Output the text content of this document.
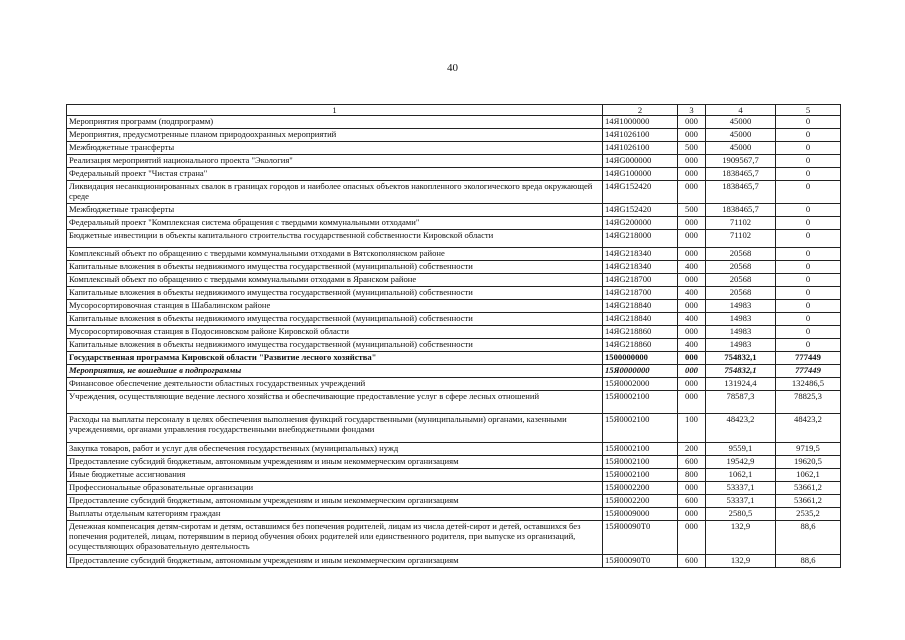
40
1	2	3	4	5
Мероприятия программ (подпрограмм)	14Я1000000	000	45000	0
Мероприятия, предусмотренные планом природоохранных мероприятий	14Я1026100	000	45000	0
Межбюджетные трансферты	14Я1026100	500	45000	0
Реализация мероприятий национального проекта "Экология"	14ЯG000000	000	1909567,7	0
Федеральный проект "Чистая страна"	14ЯG100000	000	1838465,7	0
Ликвидация несанкционированных свалок в границах городов и наиболее опасных объектов накопленного экологического вреда окружающей среде	14ЯG152420	000	1838465,7	0
Межбюджетные трансферты	14ЯG152420	500	1838465,7	0
Федеральный проект "Комплексная система обращения с твердыми коммунальными отходами"	14ЯG200000	000	71102	0
Бюджетные инвестиции в объекты капитального строительства государственной собственности Кировской области	14ЯG218000	000	71102	0
Комплексный объект по обращению с твердыми коммунальными отходами в Вятскополянском районе	14ЯG218340	000	20568	0
Капитальные вложения в объекты недвижимого имущества государственной (муниципальной) собственности	14ЯG218340	400	20568	0
Комплексный объект по обращению с твердыми коммунальными отходами в Яранском районе	14ЯG218700	000	20568	0
Капитальные вложения в объекты недвижимого имущества государственной (муниципальной) собственности	14ЯG218700	400	20568	0
Мусоросортировочная станция в Шабалинском районе	14ЯG218840	000	14983	0
Капитальные вложения в объекты недвижимого имущества государственной (муниципальной) собственности	14ЯG218840	400	14983	0
Мусоросортировочная станция в Подосиновском районе Кировской области	14ЯG218860	000	14983	0
Капитальные вложения в объекты недвижимого имущества государственной (муниципальной) собственности	14ЯG218860	400	14983	0
Государственная программа Кировской области "Развитие лесного хозяйства"	1500000000	000	754832,1	777449
Мероприятия, не вошедшие в подпрограммы	15Я0000000	000	754832,1	777449
Финансовое обеспечение деятельности областных государственных учреждений	15Я0002000	000	131924,4	132486,5
Учреждения, осуществляющие ведение лесного хозяйства и обеспечивающие предоставление услуг в сфере лесных отношений	15Я0002100	000	78587,3	78825,3
Расходы на выплаты персоналу в целях обеспечения выполнения функций государственными (муниципальными) органами, казенными учреждениями, органами управления государственными внебюджетными фондами	15Я0002100	100	48423,2	48423,2
Закупка товаров, работ и услуг для обеспечения государственных (муниципальных) нужд	15Я0002100	200	9559,1	9719,5
Предоставление субсидий бюджетным, автономным учреждениям и иным некоммерческим организациям	15Я0002100	600	19542,9	19620,5
Иные бюджетные ассигнования	15Я0002100	800	1062,1	1062,1
Профессиональные образовательные организации	15Я0002200	000	53337,1	53661,2
Предоставление субсидий бюджетным, автономным учреждениям и иным некоммерческим организациям	15Я0002200	600	53337,1	53661,2
Выплаты отдельным категориям граждан	15Я0009000	000	2580,5	2535,2
Денежная компенсация детям-сиротам и детям, оставшимся без попечения родителей, лицам из числа детей-сирот и детей, оставшихся без попечения родителей, лицам, потерявшим в период обучения обоих родителей или единственного родителя, при выпуске из организаций, осуществляющих образовательную деятельность	15Я00090Т0	000	132,9	88,6
Предоставление субсидий бюджетным, автономным учреждениям и иным некоммерческим организациям	15Я00090Т0	600	132,9	88,6
